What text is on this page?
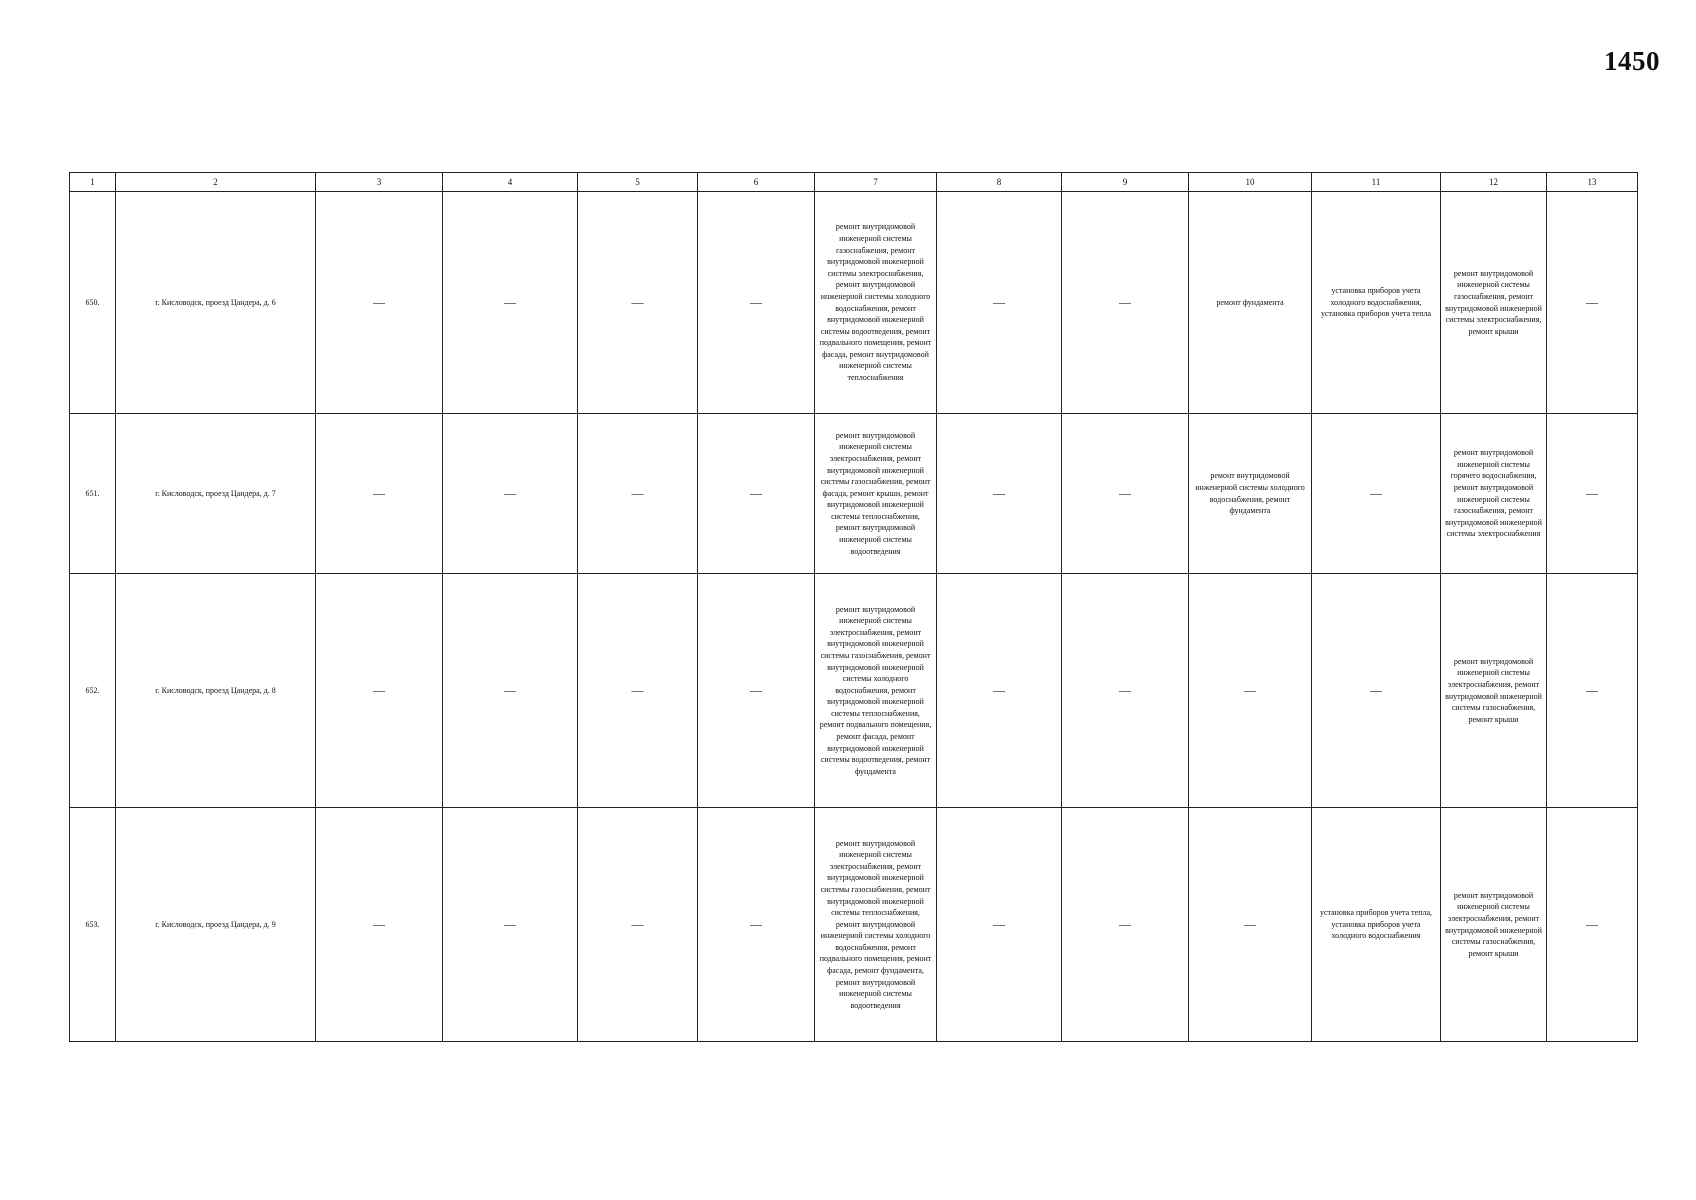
1450
1	2	3	4	5	6	7	8	9	10	11	12	13
650.	г. Кисловодск, проезд Цандера, д. 6	—	—	—	—	ремонт внутридомовой инженерной системы газоснабжения, ремонт внутридомовой инженерной системы электроснабжения, ремонт внутридомовой инженерной системы холодного водоснабжения, ремонт внутридомовой инженерной системы водоотведения, ремонт подвального помещения, ремонт фасада, ремонт внутридомовой инженерной системы теплоснабжения	—	—	ремонт фундамента	установка приборов учета холодного водоснабжения, установка приборов учета тепла	ремонт внутридомовой инженерной системы газоснабжения, ремонт внутридомовой инженерной системы электроснабжения, ремонт крыши	—
651.	г. Кисловодск, проезд Цандера, д. 7	—	—	—	—	ремонт внутридомовой инженерной системы электроснабжения, ремонт внутридомовой инженерной системы газоснабжения, ремонт фасада, ремонт крыши, ремонт внутридомовой инженерной системы теплоснабжения, ремонт внутридомовой инженерной системы водоотведения	—	—	ремонт внутридомовой инженерной системы холодного водоснабжения, ремонт фундамента	—	ремонт внутридомовой инженерной системы горячего водоснабжения, ремонт внутридомовой инженерной системы газоснабжения, ремонт внутридомовой инженерной системы электроснабжения	—
652.	г. Кисловодск, проезд Цандера, д. 8	—	—	—	—	ремонт внутридомовой инженерной системы электроснабжения, ремонт внутридомовой инженерной системы газоснабжения, ремонт внутридомовой инженерной системы холодного водоснабжения, ремонт внутридомовой инженерной системы теплоснабжения, ремонт подвального помещения, ремонт фасада, ремонт внутридомовой инженерной системы водоотведения, ремонт фундамента	—	—	—	—	ремонт внутридомовой инженерной системы электроснабжения, ремонт внутридомовой инженерной системы газоснабжения, ремонт крыши	—
653.	г. Кисловодск, проезд Цандера, д. 9	—	—	—	—	ремонт внутридомовой инженерной системы электроснабжения, ремонт внутридомовой инженерной системы газоснабжения, ремонт внутридомовой инженерной системы теплоснабжения, ремонт внутридомовой инженерной системы холодного водоснабжения, ремонт подвального помещения, ремонт фасада, ремонт фундамента, ремонт внутридомовой инженерной системы водоотведения	—	—	—	установка приборов учета тепла, установка приборов учета холодного водоснабжения	ремонт внутридомовой инженерной системы электроснабжения, ремонт внутридомовой инженерной системы газоснабжения, ремонт крыши	—
